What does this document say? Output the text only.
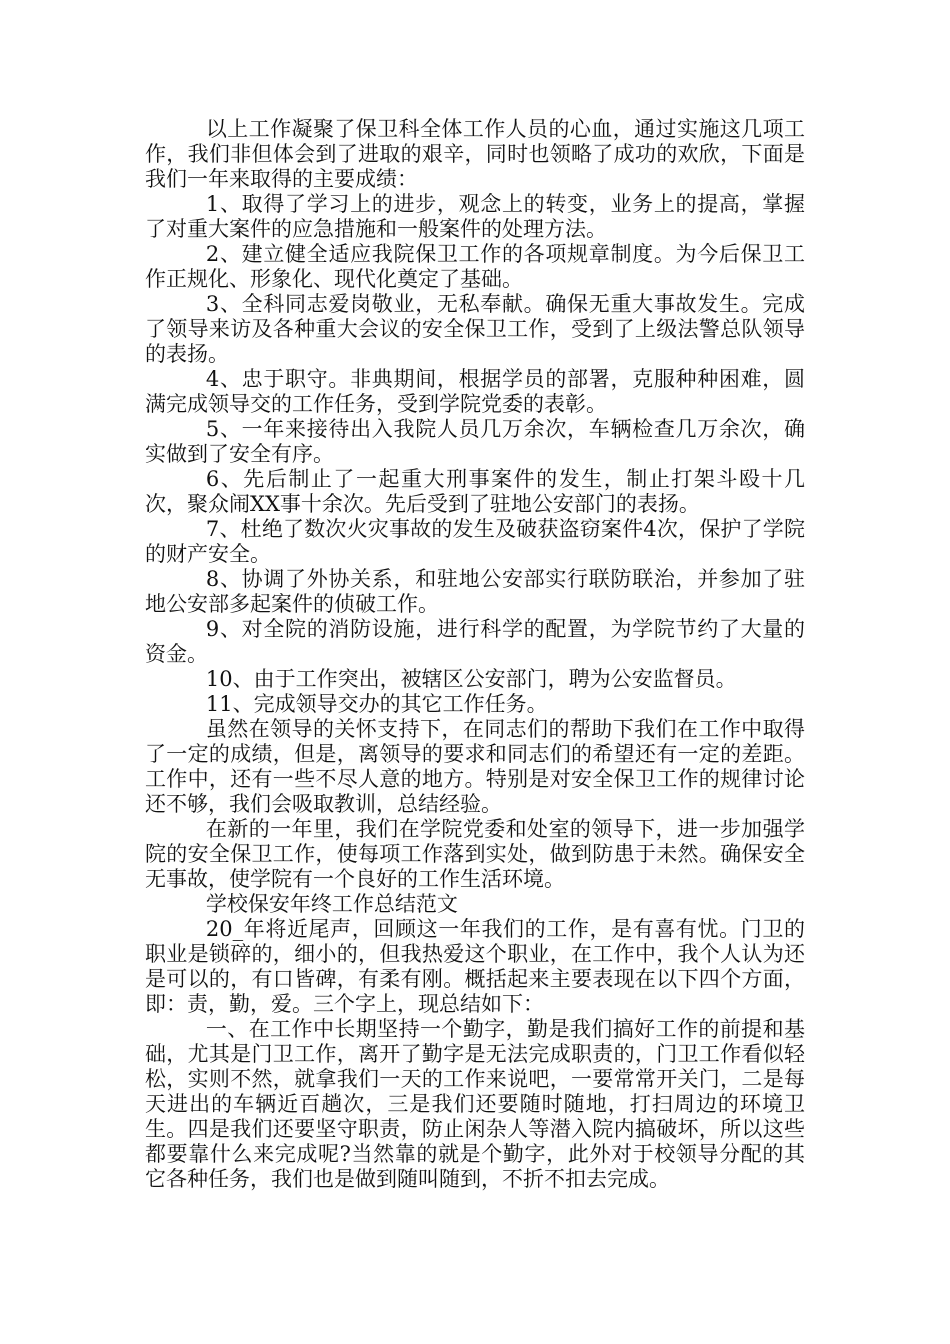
以上工作凝聚了保卫科全体工作人员的心血，通过实施这几项工作，我们非但体会到了进取的艰辛，同时也领略了成功的欢欣，下面是我们一年来取得的主要成绩：

1、取得了学习上的进步，观念上的转变，业务上的提高，掌握了对重大案件的应急措施和一般案件的处理方法。

2、建立健全适应我院保卫工作的各项规章制度。为今后保卫工作正规化、形象化、现代化奠定了基础。

3、全科同志爱岗敬业，无私奉献。确保无重大事故发生。完成了领导来访及各种重大会议的安全保卫工作，受到了上级法警总队领导的表扬。

4、忠于职守。非典期间，根据学员的部署，克服种种困难，圆满完成领导交的工作任务，受到学院党委的表彰。

5、一年来接待出入我院人员几万余次，车辆检查几万余次，确实做到了安全有序。

6、先后制止了一起重大刑事案件的发生，制止打架斗殴十几次，聚众闹XX事十余次。先后受到了驻地公安部门的表扬。

7、杜绝了数次火灾事故的发生及破获盗窃案件4次，保护了学院的财产安全。

8、协调了外协关系，和驻地公安部实行联防联治，并参加了驻地公安部多起案件的侦破工作。

9、对全院的消防设施，进行科学的配置，为学院节约了大量的资金。

10、由于工作突出，被辖区公安部门，聘为公安监督员。

11、完成领导交办的其它工作任务。

虽然在领导的关怀支持下，在同志们的帮助下我们在工作中取得了一定的成绩，但是，离领导的要求和同志们的希望还有一定的差距。工作中，还有一些不尽人意的地方。特别是对安全保卫工作的规律讨论还不够，我们会吸取教训，总结经验。

在新的一年里，我们在学院党委和处室的领导下，进一步加强学院的安全保卫工作，使每项工作落到实处，做到防患于未然。确保安全无事故，使学院有一个良好的工作生活环境。

学校保安年终工作总结范文

20_年将近尾声，回顾这一年我们的工作，是有喜有忧。门卫的职业是锁碎的，细小的，但我热爱这个职业，在工作中，我个人认为还是可以的，有口皆碑，有柔有刚。概括起来主要表现在以下四个方面，即：责，勤，爱。三个字上，现总结如下：

一、在工作中长期坚持一个勤字，勤是我们搞好工作的前提和基础，尤其是门卫工作，离开了勤字是无法完成职责的，门卫工作看似轻松，实则不然，就拿我们一天的工作来说吧，一要常常开关门，二是每天进出的车辆近百趟次，三是我们还要随时随地，打扫周边的环境卫生。四是我们还要坚守职责，防止闲杂人等潜入院内搞破坏，所以这些都要靠什么来完成呢?当然靠的就是个勤字，此外对于校领导分配的其它各种任务，我们也是做到随叫随到，不折不扣去完成。
